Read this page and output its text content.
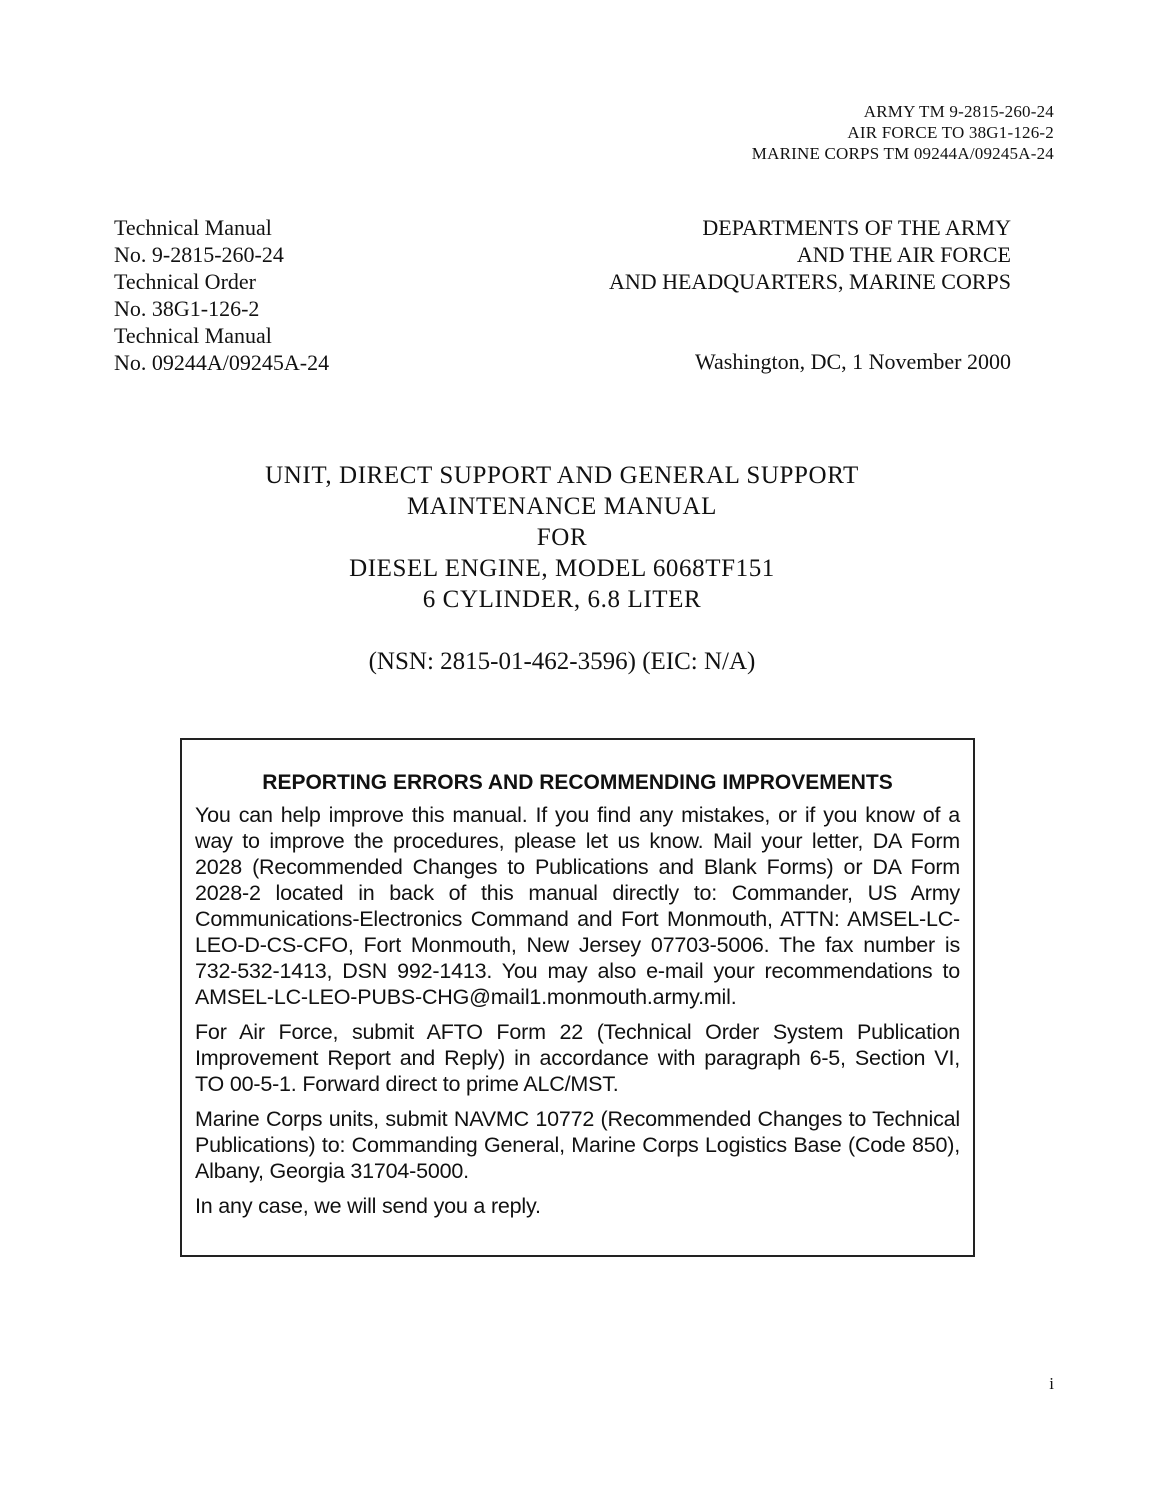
ARMY TM 9-2815-260-24
AIR FORCE TO 38G1-126-2
MARINE CORPS TM 09244A/09245A-24
Technical Manual
No. 9-2815-260-24
Technical Order
No. 38G1-126-2
Technical Manual
No. 09244A/09245A-24
DEPARTMENTS OF THE ARMY
AND THE AIR FORCE
AND HEADQUARTERS, MARINE CORPS
Washington, DC, 1 November 2000
UNIT, DIRECT SUPPORT AND GENERAL SUPPORT
MAINTENANCE MANUAL
FOR
DIESEL ENGINE, MODEL 6068TF151
6 CYLINDER, 6.8 LITER
(NSN: 2815-01-462-3596) (EIC: N/A)
REPORTING ERRORS AND RECOMMENDING IMPROVEMENTS

You can help improve this manual. If you find any mistakes, or if you know of a way to improve the procedures, please let us know. Mail your letter, DA Form 2028 (Recommended Changes to Publications and Blank Forms) or DA Form 2028-2 located in back of this manual directly to: Commander, US Army Communications-Electronics Command and Fort Monmouth, ATTN: AMSEL-LC-LEO-D-CS-CFO, Fort Monmouth, New Jersey 07703-5006. The fax number is 732-532-1413, DSN 992-1413. You may also e-mail your recommendations to AMSEL-LC-LEO-PUBS-CHG@mail1.monmouth.army.mil.

For Air Force, submit AFTO Form 22 (Technical Order System Publication Improvement Report and Reply) in accordance with paragraph 6-5, Section VI, TO 00-5-1. Forward direct to prime ALC/MST.

Marine Corps units, submit NAVMC 10772 (Recommended Changes to Technical Publications) to: Commanding General, Marine Corps Logistics Base (Code 850), Albany, Georgia 31704-5000.

In any case, we will send you a reply.

i
